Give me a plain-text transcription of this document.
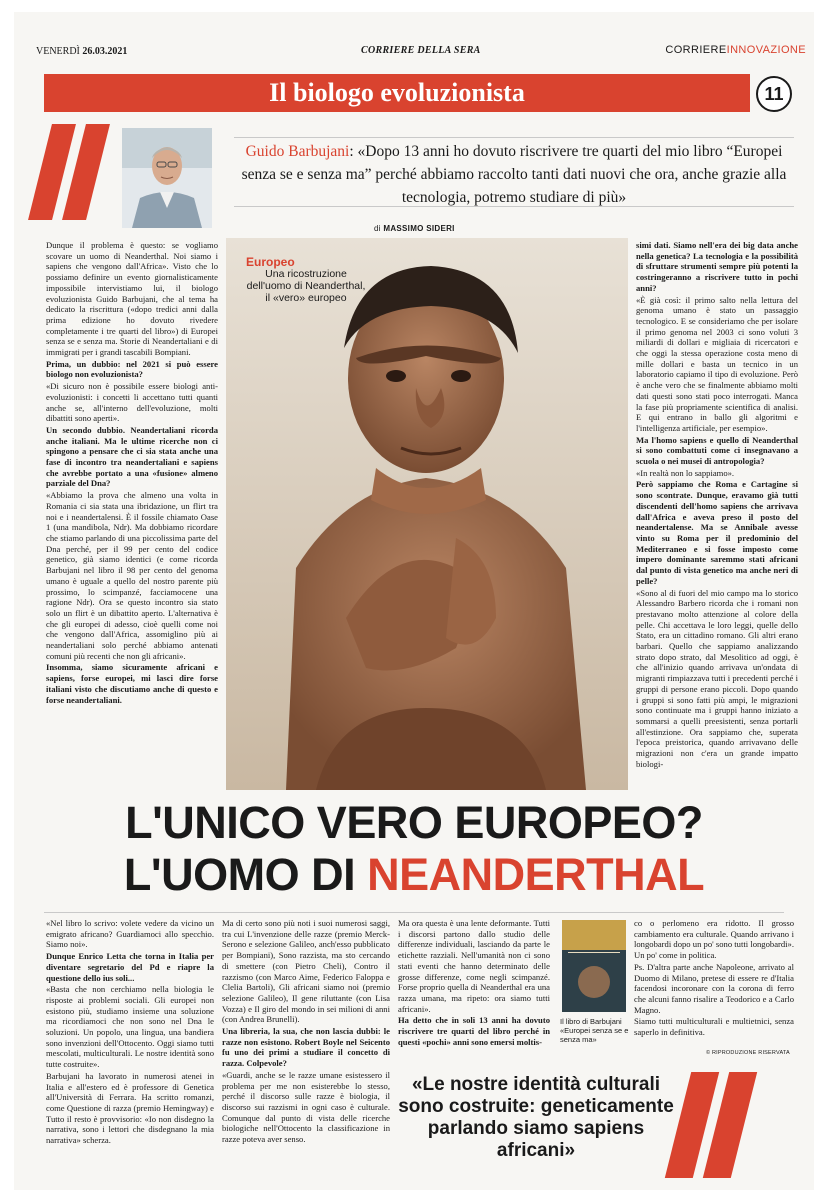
VENERDÌ 26.03.2021	CORRIERE DELLA SERA	CORRIEREINNOVAZIONE
Il biologo evoluzionista	11
Guido Barbujani: «Dopo 13 anni ho dovuto riscrivere tre quarti del mio libro “Europei senza se e senza ma” perché abbiamo raccolto tanti dati nuovi che ora, anche grazie alla tecnologia, potremo studiare di più»
di MASSIMO SIDERI

Dunque il problema è questo: se vogliamo scovare un uomo di Neanderthal. Noi siamo i sapiens che vengono dall'Africa». Visto che lo possiamo definire un evento giornalisticamente impossibile intervistiamo lui, il biologo evoluzionista Guido Barbujani, che al tema ha dedicato la riscrittura («dopo tredici anni dalla prima edizione ho dovuto rivedere completamente i tre quarti del libro») di Europei senza se e senza ma. Storie di Neandertaliani e di immigrati per i grandi tascabili Bompiani.

Prima, un dubbio: nel 2021 si può essere biologo non evoluzionista?

«Di sicuro non è possibile essere biologi anti-evoluzionisti: i concetti li accettano tutti quanti anche se, all'interno dell'evoluzione, molti dibattiti sono aperti».

Un secondo dubbio. Neandertaliani ricorda anche italiani. Ma le ultime ricerche non ci spingono a pensare che ci sia stata anche una fase di incontro tra neandertaliani e sapiens che avrebbe portato a una «fusione» almeno parziale del Dna?

«Abbiamo la prova che almeno una volta in Romania ci sia stata una ibridazione, un flirt tra noi e i neandertalensi. È il fossile chiamato Oase 1 (una mandibola, Ndr). Ma dobbiamo ricordare che stiamo parlando di una piccolissima parte del Dna perché, per il 99 per cento del codice genetico, già siamo identici (e come ricorda Barbujani nel libro il 98 per cento del genoma umano è uguale a quello del nostro parente più prossimo, lo scimpanzé, facciamocene una ragione Ndr). Ora se questo incontro sia stato solo un flirt è un dibattito aperto. L'alternativa è che gli europei di adesso, cioè quelli come noi che vengono dall'Africa, assomiglino più ai neandertaliani solo perché abbiamo antenati comuni più recenti che non gli africani».

Insomma, siamo sicuramente africani e sapiens, forse europei, mi lasci dire forse italiani visto che discutiamo anche di questo e forse neandertaliani.

Europeo
Una ricostruzione dell'uomo di Neanderthal, il «vero» europeo

simi dati. Siamo nell'era dei big data anche nella genetica? La tecnologia e la possibilità di sfruttare strumenti sempre più potenti la costringeranno a riscrivere tutto in pochi anni?

«È già così: il primo salto nella lettura del genoma umano è stato un passaggio tecnologico. E se consideriamo che per isolare il primo genoma nel 2003 ci sono voluti 3 miliardi di dollari e migliaia di ricercatori e che oggi la stessa operazione costa meno di mille dollari e basta un tecnico in un laboratorio capiamo il tipo di evoluzione. Però è anche vero che se finalmente abbiamo molti dati questi sono stati poco interrogati. Manca la fase più propriamente scientifica di analisi. E qui entrano in ballo gli algoritmi e l'intelligenza artificiale, per esempio».

Ma l'homo sapiens e quello di Neanderthal si sono combattuti come ci insegnavano a scuola o nei musei di antropologia?

«In realtà non lo sappiamo».

Però sappiamo che Roma e Cartagine si sono scontrate. Dunque, eravamo già tutti discendenti dell'homo sapiens che arrivava dall'Africa e aveva preso il posto del neandertalense. Ma se Annibale avesse vinto su Roma per il predominio del Mediterraneo e si fosse imposto come impero dominante saremmo stati africani dal punto di vista genetico ma anche neri di pelle?

«Sono al di fuori del mio campo ma lo storico Alessandro Barbero ricorda che i romani non prestavano molto attenzione al colore della pelle. Chi accettava le loro leggi, quelle dello Stato, era un cittadino romano. Gli altri erano barbari. Quello che sappiamo analizzando strato dopo strato, dal Mesolitico ad oggi, è che all'inizio quando arrivava un'ondata di migranti rimpiazzava tutti i precedenti perché i gruppi di persone erano piccoli. Dopo quando i gruppi si sono fatti più ampi, le migrazioni sono continuate ma i gruppi hanno iniziato a sommarsi a quelli preesistenti, senza portarli all'estinzione. Ora sappiamo che, superata l'epoca preistorica, quando arrivavano delle migrazioni non c'era un grande impatto biologi-

L'UNICO VERO EUROPEO?
L'UOMO DI NEANDERTHAL

«Nel libro lo scrivo: volete vedere da vicino un emigrato africano? Guardiamoci allo specchio. Siamo noi».

Dunque Enrico Letta che torna in Italia per diventare segretario del Pd e riapre la questione dello ius soli...

«Basta che non cerchiamo nella biologia le risposte ai problemi sociali. Gli europei non esistono più, studiamo insieme una soluzione ma ricordiamoci che non sono nel Dna le soluzioni. Un popolo, una lingua, una bandiera sono invenzioni dell'Ottocento. Oggi siamo tutti mescolati, multiculturali. Le nostre identità sono tutte costruite».

Barbujani ha lavorato in numerosi atenei in Italia e all'estero ed è professore di Genetica all'Università di Ferrara. Ha scritto romanzi, come Questione di razza (premio Hemingway) e Tutto il resto è provvisorio: «Io non disdegno la narrativa, sono i lettori che disdegnano la mia narrativa» scherza.

Ma di certo sono più noti i suoi numerosi saggi, tra cui L'invenzione delle razze (premio Merck-Serono e selezione Galileo, anch'esso pubblicato per Bompiani), Sono razzista, ma sto cercando di smettere (con Pietro Cheli), Contro il razzismo (con Marco Aime, Federico Faloppa e Clelia Bartoli), Gli africani siamo noi (premio selezione Galileo), Il gene riluttante (con Lisa Vozza) e Il giro del mondo in sei milioni di anni (con Andrea Brunelli).

Una libreria, la sua, che non lascia dubbi: le razze non esistono. Robert Boyle nel Seicento fu uno dei primi a studiare il concetto di razza. Colpevole?

«Guardi, anche se le razze umane esistessero il problema per me non esisterebbe lo stesso, perché il discorso sulle razze è biologia, il discorso sui razzismi in ogni caso è culturale. Comunque dal punto di vista delle ricerche biologiche nell'Ottocento la classificazione in razze poteva aver senso.

Ma ora questa è una lente deformante. Tutti i discorsi partono dallo studio delle differenze individuali, lasciando da parte le etichette razziali. Nell'umanità non ci sono stati eventi che hanno determinato delle grosse differenze, come negli scimpanzé. Forse proprio quella di Neanderthal era una razza umana, ma ripeto: ora siamo tutti africani».

Ha detto che in soli 13 anni ha dovuto riscrivere tre quarti del libro perché in questi «pochi» anni sono emersi moltis-

Il libro di Barbujani «Europei senza se e senza ma»

co o perlomeno era ridotto. Il grosso cambiamento era culturale. Quando arrivano i longobardi dopo un po' sono tutti longobardi». Un po' come in politica.

Ps. D'altra parte anche Napoleone, arrivato al Duomo di Milano, pretese di essere re d'Italia facendosi incoronare con la corona di ferro che alcuni fanno risalire a Teodorico e a Carlo Magno.

Siamo tutti multiculturali e multietnici, senza saperlo in definitiva.

© RIPRODUZIONE RISERVATA
«Le nostre identità culturali sono costruite: geneticamente parlando siamo sapiens africani»
